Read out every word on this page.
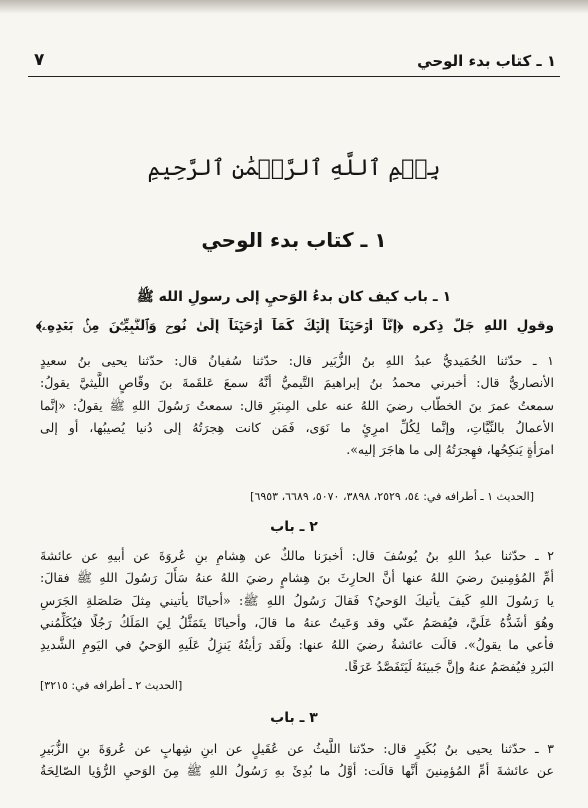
١ ـ كتاب بدء الوحي
٧
بِسۡمِ ٱللَّهِ ٱلرَّحۡمَٰنِ ٱلرَّحِيمِ
١ ـ كتاب بدء الوحي
١ ـ باب كيف كان بدءُ الوَحيِ إلى رسولِ الله ﷺ
وقولِ اللهِ جَلَّ ذِكره ﴿إِنَّآ أَوۡحَيۡنَآ إِلَيۡكَ كَمَآ أَوۡحَيۡنَآ إِلَىٰ نُوحٖ وَٱلنَّبِيِّـۧنَ مِنۢ بَعۡدِهِۦ﴾
١ ـ حدّثنا الحُمَيديُّ عبدُ اللهِ بنُ الزُّبَير قال: حدّثنا سُفيانُ قال: حدّثنا يحيى بنُ سعيدٍ
الأنصاريُّ قال: أخبرني محمدُ بنُ إبراهيمَ التَّيميُّ أنَّهُ سمعَ عَلقَمةَ بنَ وقّاصٍ اللَّيثيَّ يقولُ:
سمعتُ عمرَ بنَ الخطّاب رضيَ اللهُ عنه على المِنبَرِ قال: سمعتُ رَسُولَ اللهِ ﷺ يقولُ: «إنَّما
الأعمالُ بالنِّيَّاتِ، وإنَّما لِكُلِّ امرِئٍ ما نَوَى، فَمَن كانت هِجرَتُهُ إلى دُنيا يُصيبُها، أو إلى
امرَأةٍ يَنكِحُها، فهِجرَتُهُ إلى ما هاجَرَ إليه».
[الحديث ١ ـ أطرافه في: ٥٤، ٢٥٢٩، ٣٨٩٨، ٥٠٧٠، ٦٦٨٩، ٦٩٥٣]
٢ ـ باب
٢ ـ حدّثنا عبدُ اللهِ بنُ يُوسُفَ قال: أخبرَنا مالكٌ عن هِشامِ بنِ عُروَةَ عن أبيهِ عن عائشةَ
أمِّ المُؤمِنينَ رضيَ اللهُ عنها أنَّ الحارِثَ بنَ هِشامٍ رضيَ اللهُ عنهُ سَأَلَ رَسُولَ اللهِ ﷺ فقالَ:
يا رَسُولَ اللهِ كَيفَ يأتيكَ الوَحيُ؟ فَقالَ رَسُولُ اللهِ ﷺ: «أحيانًا يأتيني مِثلَ صَلصَلةِ الجَرَسِ
وهُوَ أشَدُّهُ عَلَيَّ، فيُفصَمُ عنّي وقد وَعَيتُ عنهُ ما قالَ، وأحيانًا يتَمَثَّلُ لِيَ المَلَكُ رَجُلًا فيُكَلِّمُني
فأعي ما يقولُ». قالَت عائشةُ رضيَ اللهُ عنها: ولَقَد رَأيتُهُ يَنزِلُ عَلَيهِ الوَحيُ في اليَومِ الشَّديدِ
البَردِ فيُفصَمُ عنهُ وإنَّ جَبينَهُ لَيَتَفَصَّدُ عَرَقًا.
[الحديث ٢ ـ أطرافه في: ٣٢١٥]
٣ ـ باب
٣ ـ حدّثنا يحيى بنُ بُكَيرٍ قال: حدّثنا اللَّيثُ عن عُقَيلٍ عن ابنِ شِهابٍ عن عُروَةَ بنِ الزُّبَيرِ
عن عائشةَ أمِّ المُؤمِنينَ أنَّها قالَت: أوَّلُ ما بُدِئَ بهِ رَسُولُ اللهِ ﷺ مِنَ الوَحيِ الرُّؤيا الصّالِحَةُ
